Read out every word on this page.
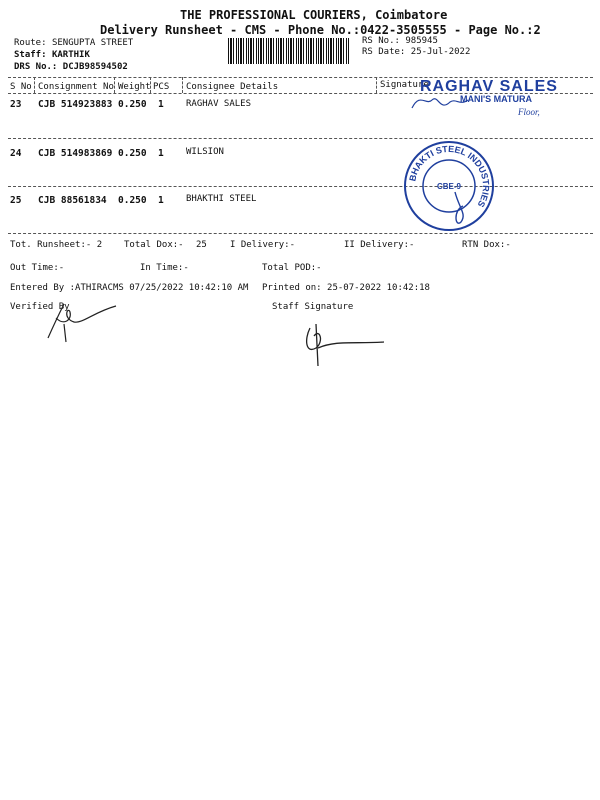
THE PROFESSIONAL COURIERS, Coimbatore
Delivery Runsheet - CMS - Phone No.:0422-3505555 - Page No.:2
Route: SENGUPTA STREET
Staff: KARTHIK
DRS No.: DCJB98594502
RS No.: 985945
RS Date: 25-Jul-2022
S No Consignment No Weight PCS Consignee Details	Signature
23 CJB 514923883 0.250 1 RAGHAV SALES
24 CJB 514983869 0.250 1 WILSION
25 CJB 88561834 0.250 1 BHAKTHI STEEL
Tot. Runsheet:- 2 Total Dox:- 25	I Delivery:-	II Delivery:-	RTN Dox:-
Out Time:-	In Time:-	Total POD:-
Entered By :ATHIRACMS 07/25/2022 10:42:10 AM Printed on: 25-07-2022 10:42:18
Verified By	Staff Signature
RAGHAV SALES
MANI'S MATURA
Floor,
BHAKTI STEEL INDUSTRIES
CBE-9
